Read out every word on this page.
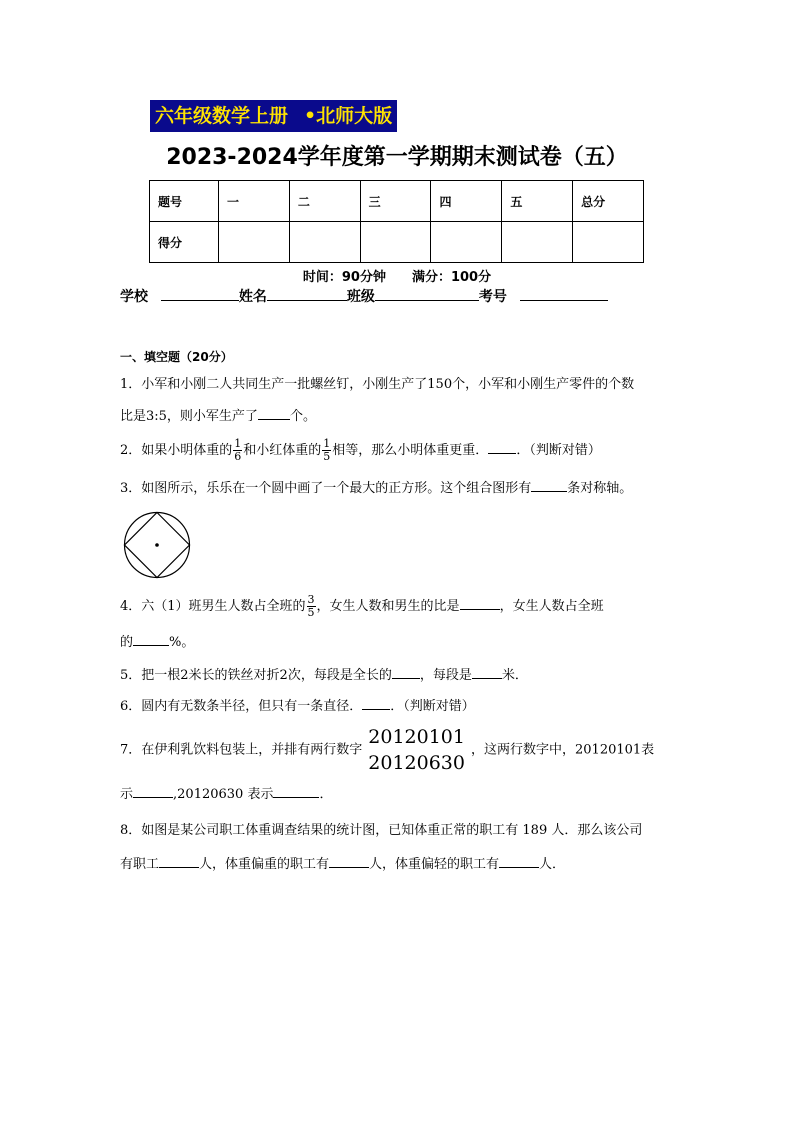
六年级数学上册 •北师大版
2023-2024学年度第一学期期末测试卷（五）
题号	一	二	三	四	五	总分
得分						
时间：90分钟 满分：100分
学校	姓名	班级	考号
一、填空题（20分）
1．小军和小刚二人共同生产一批螺丝钉，小刚生产了150个，小军和小刚生产零件的个数
比是3:5，则小军生产了 个。
2．如果小明体重的 $\frac{1}{6}$ 和小红体重的 $\frac{1}{5}$ 相等，那么小明体重更重． ．（判断对错）
3．如图所示，乐乐在一个圆中画了一个最大的正方形。这个组合图形有	条对称轴。
4．六（1）班男生人数占全班的 $\frac{3}{5}$ ，女生人数和男生的比是	，女生人数占全班
的	%。
5．把一根2米长的铁丝对折2次，每段是全长的 ，每段是 米．
6．圆内有无数条半径，但只有一条直径． ．（判断对错）
7．在伊利乳饮料包装上，并排有两行数字
20120101
20120630
，这两行数字中，20120101表
示	,20120630 表示	．
8．如图是某公司职工体重调查结果的统计图，已知体重正常的职工有 189 人．那么该公司
有职工	人，体重偏重的职工有	人，体重偏轻的职工有	人．
